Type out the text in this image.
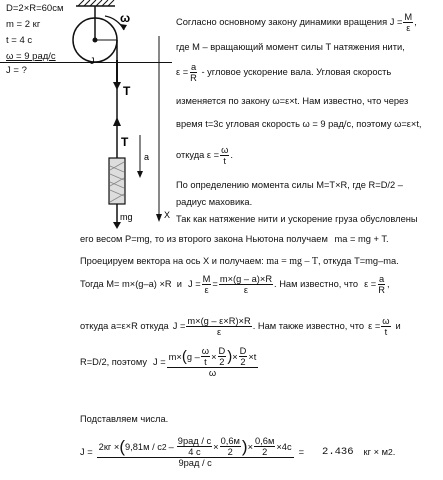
D=2×R=60см
m = 2 кг
t = 4 с
ω = 9 рад/с
J = ?
ω
J
T
T
mg
a
X
Согласно основному закону динамики вращения $J = \frac{M}{\varepsilon}$ ,
где M – вращающий момент силы T натяжения нити,
$\varepsilon = \frac{a}{R}$ - угловое ускорение вала. Угловая скорость
изменяется по закону ω=ε×t. Нам известно, что через
время t=3с угловая скорость ω = 9 рад/с, поэтому ω=ε×t,
откуда $\varepsilon = \frac{\omega}{t}$ .
По определению момента силы M=T×R, где R=D/2 –
радиус маховика.
Так как натяжение нити и ускорение груза обусловлены
его весом P=mg, то из второго закона Ньютона получаем ma = mg + T.
Проецируем вектора на ось X и получаем: ma = mg – T, откуда T=mg–ma.
Тогда M= m×(g–a) ×R  и $J = \frac{M}{\varepsilon} = \frac{m\times(g - a)\times R}{\varepsilon}$ . Нам известно, что $\varepsilon = \frac{a}{R}$ ,
откуда a=ε×R откуда $J = \frac{m\times(g - \varepsilon\times R)\times R}{\varepsilon}$ . Нам также известно, что $\varepsilon = \frac{\omega}{t}$ и
R=D/2, поэтому J = m× ( $g - \frac{\omega}{t} \times \frac{D}{2}$ ) × $\frac{D}{2} \times t$
ω
Подставляем числа.
J = 2кг × ( 9,81м / с $2 - \frac{\text{9рад / с}}{4 с} \times \frac{0,6м}{2}$ ) × $\frac{0,6м}{2} \times 4с$
9рад / с
= 2.436 кг × м 2 .
